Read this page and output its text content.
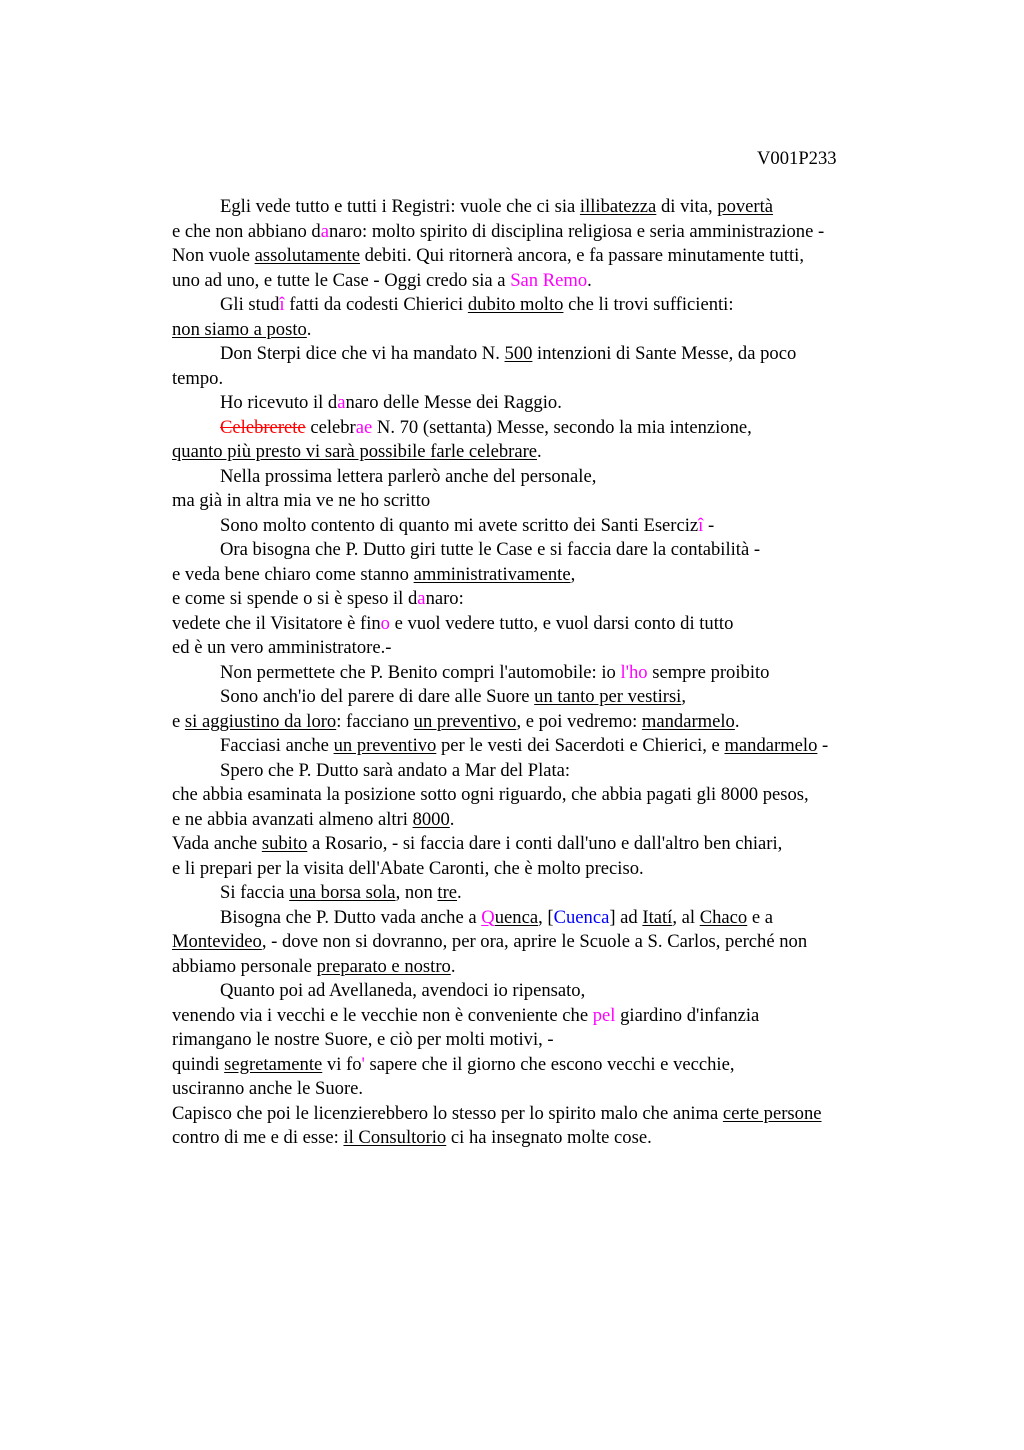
V001P233
Egli vede tutto e tutti i Registri: vuole che ci sia illibatezza di vita, povertà
e che non abbiano danaro: molto spirito di disciplina religiosa e seria amministrazione -
Non vuole assolutamente debiti. Qui ritornerà ancora, e fa passare minutamente tutti,
uno ad uno, e tutte le Case - Oggi credo sia a San Remo.
Gli studî fatti da codesti Chierici dubito molto che li trovi sufficienti:
non siamo a posto.
Don Sterpi dice che vi ha mandato N. 500 intenzioni di Sante Messe, da poco
tempo.
Ho ricevuto il danaro delle Messe dei Raggio.
Celebrerete celebrae N. 70 (settanta) Messe, secondo la mia intenzione,
quanto più presto vi sarà possibile farle celebrare.
Nella prossima lettera parlerò anche del personale,
ma già in altra mia ve ne ho scritto
Sono molto contento di quanto mi avete scritto dei Santi Esercizî -
Ora bisogna che P. Dutto giri tutte le Case e si faccia dare la contabilità -
e veda bene chiaro come stanno amministrativamente,
e come si spende o si è speso il danaro:
vedete che il Visitatore è fino e vuol vedere tutto, e vuol darsi conto di tutto
ed è un vero amministratore.-
Non permettete che P. Benito compri l'automobile: io l'ho sempre proibito
Sono anch'io del parere di dare alle Suore un tanto per vestirsi,
e si aggiustino da loro: facciano un preventivo, e poi vedremo: mandarmelo.
Facciasi anche un preventivo per le vesti dei Sacerdoti e Chierici, e mandarmelo -
Spero che P. Dutto sarà andato a Mar del Plata:
che abbia esaminata la posizione sotto ogni riguardo, che abbia pagati gli 8000 pesos,
e ne abbia avanzati almeno altri 8000.
Vada anche subito a Rosario, - si faccia dare i conti dall'uno e dall'altro ben chiari,
e li prepari per la visita dell'Abate Caronti, che è molto preciso.
Si faccia una borsa sola, non tre.
Bisogna che P. Dutto vada anche a Quenca, [Cuenca] ad Itatí, al Chaco e a
Montevideo, - dove non si dovranno, per ora, aprire le Scuole a S. Carlos, perché non
abbiamo personale preparato e nostro.
Quanto poi ad Avellaneda, avendoci io ripensato,
venendo via i vecchi e le vecchie non è conveniente che pel giardino d'infanzia
rimangano le nostre Suore, e ciò per molti motivi, -
quindi segretamente vi fo' sapere che il giorno che escono vecchi e vecchie,
usciranno anche le Suore.
Capisco che poi le licenzierebbero lo stesso per lo spirito malo che anima certe persone
contro di me e di esse: il Consultorio ci ha insegnato molte cose.
